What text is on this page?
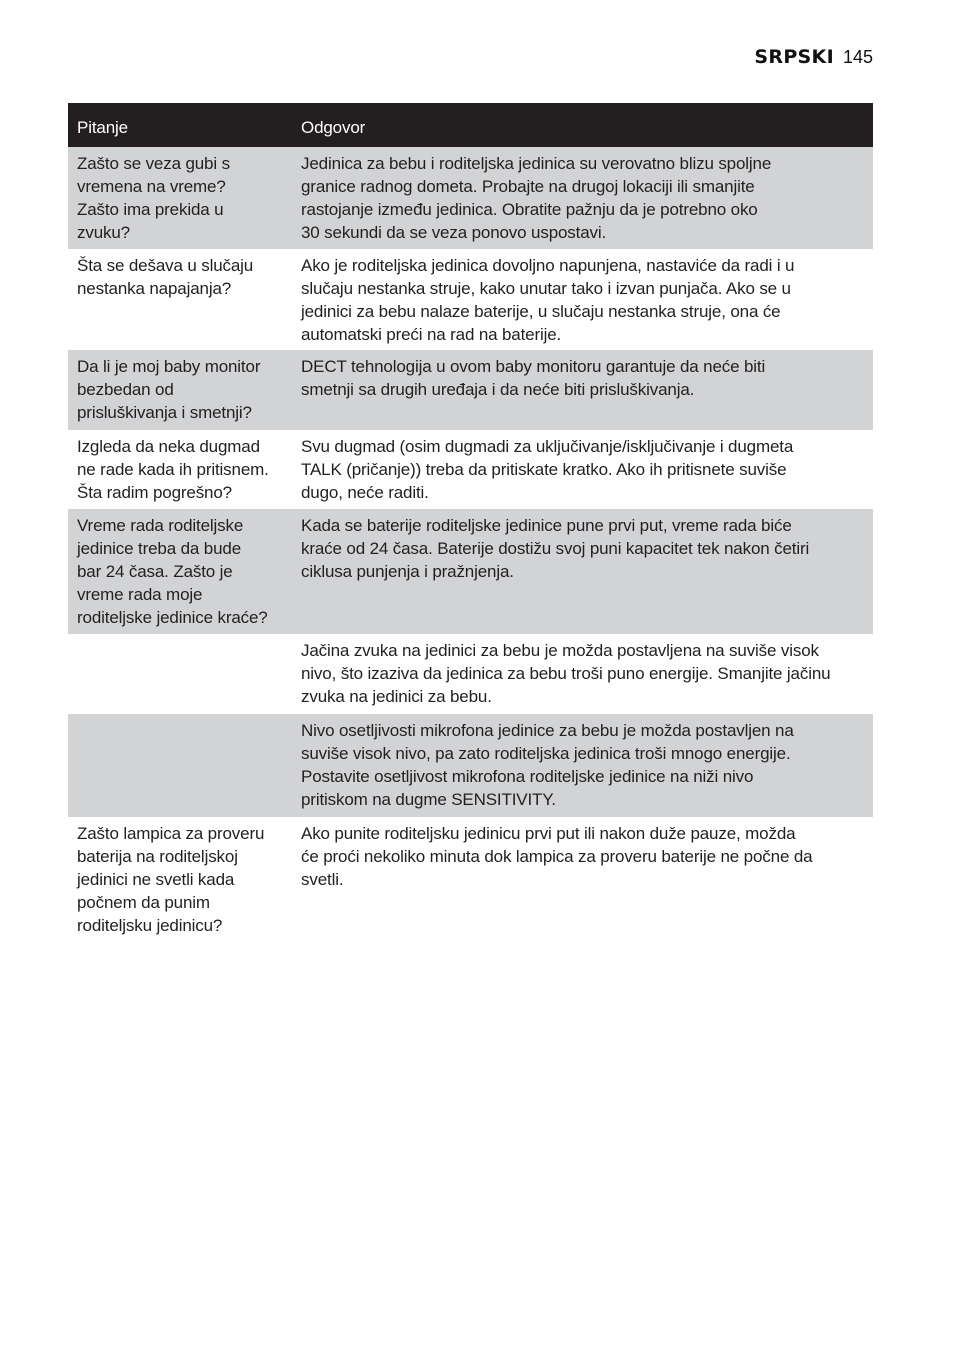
SRPSKI 145
Pitanje	Odgovor
Zašto se veza gubi s
vremena na vreme?
Zašto ima prekida u
zvuku?
Jedinica za bebu i roditeljska jedinica su verovatno blizu spoljne
granice radnog dometa. Probajte na drugoj lokaciji ili smanjite
rastojanje između jedinica. Obratite pažnju da je potrebno oko
30 sekundi da se veza ponovo uspostavi.
Šta se dešava u slučaju
nestanka napajanja?
Ako je roditeljska jedinica dovoljno napunjena, nastaviće da radi i u
slučaju nestanka struje, kako unutar tako i izvan punjača. Ako se u
jedinici za bebu nalaze baterije, u slučaju nestanka struje, ona će
automatski preći na rad na baterije.
Da li je moj baby monitor
bezbedan od
prisluškivanja i smetnji?
DECT tehnologija u ovom baby monitoru garantuje da neće biti
smetnji sa drugih uređaja i da neće biti prisluškivanja.
Izgleda da neka dugmad
ne rade kada ih pritisnem.
Šta radim pogrešno?
Svu dugmad (osim dugmadi za uključivanje/isključivanje i dugmeta
TALK (pričanje)) treba da pritiskate kratko. Ako ih pritisnete suviše
dugo, neće raditi.
Vreme rada roditeljske
jedinice treba da bude
bar 24 časa. Zašto je
vreme rada moje
roditeljske jedinice kraće?
Kada se baterije roditeljske jedinice pune prvi put, vreme rada biće
kraće od 24 časa. Baterije dostižu svoj puni kapacitet tek nakon četiri
ciklusa punjenja i pražnjenja.
Jačina zvuka na jedinici za bebu je možda postavljena na suviše visok
nivo, što izaziva da jedinica za bebu troši puno energije. Smanjite jačinu
zvuka na jedinici za bebu.
Nivo osetljivosti mikrofona jedinice za bebu je možda postavljen na
suviše visok nivo, pa zato roditeljska jedinica troši mnogo energije.
Postavite osetljivost mikrofona roditeljske jedinice na niži nivo
pritiskom na dugme SENSITIVITY.
Zašto lampica za proveru
baterija na roditeljskoj
jedinici ne svetli kada
počnem da punim
roditeljsku jedinicu?
Ako punite roditeljsku jedinicu prvi put ili nakon duže pauze, možda
će proći nekoliko minuta dok lampica za proveru baterije ne počne da
svetli.
